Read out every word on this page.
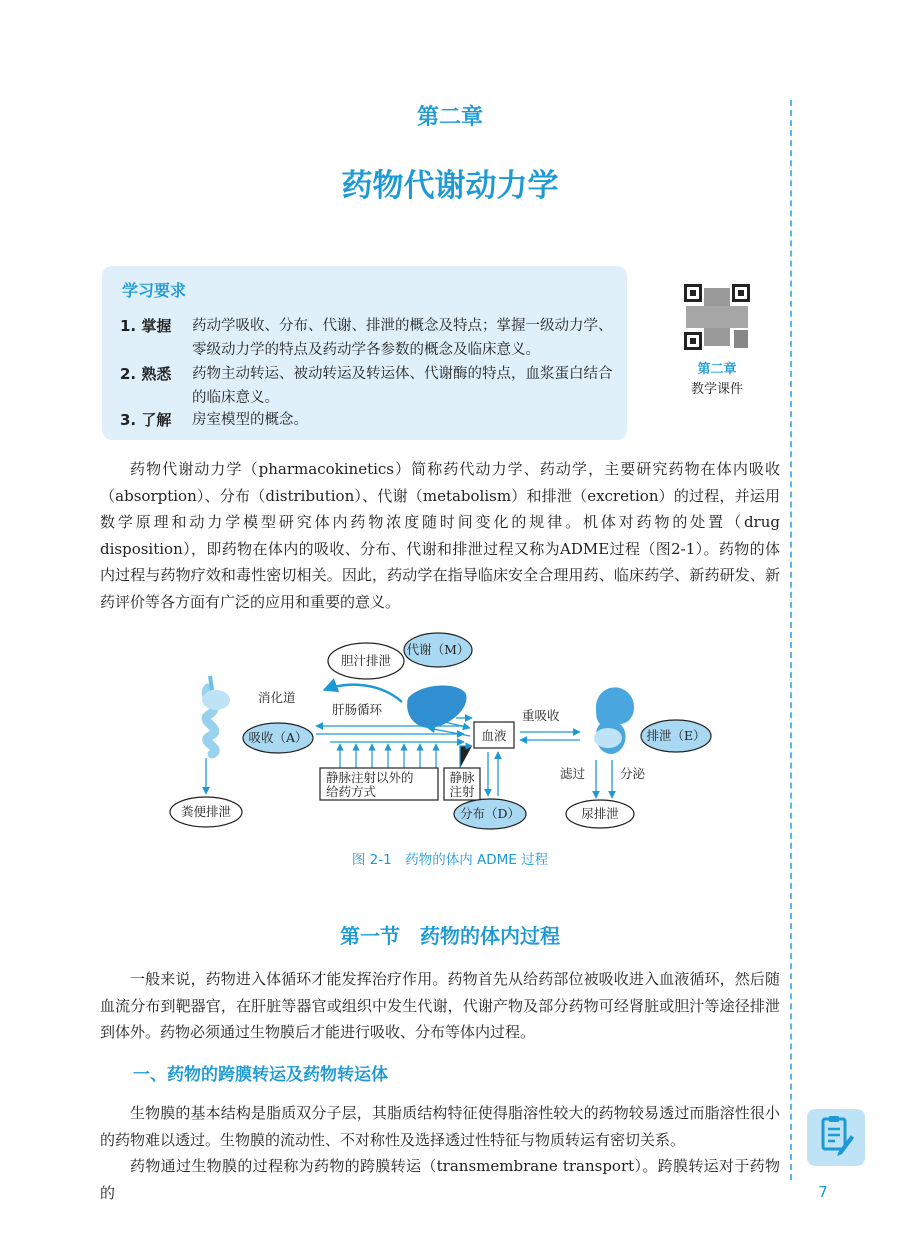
第二章
药物代谢动力学
学习要求
1. 掌握	药动学吸收、分布、代谢、排泄的概念及特点；掌握一级动力学、零级动力学的特点及药动学各参数的概念及临床意义。
2. 熟悉	药物主动转运、被动转运及转运体、代谢酶的特点，血浆蛋白结合的临床意义。
3. 了解	房室模型的概念。
第二章
教学课件
药物代谢动力学（pharmacokinetics）简称药代动力学、药动学，主要研究药物在体内吸收（absorption）、分布（distribution）、代谢（metabolism）和排泄（excretion）的过程，并运用数学原理和动力学模型研究体内药物浓度随时间变化的规律。机体对药物的处置（drug disposition），即药物在体内的吸收、分布、代谢和排泄过程又称为ADME过程（图2-1）。药物的体内过程与药物疗效和毒性密切相关。因此，药动学在指导临床安全合理用药、临床药学、新药研发、新药评价等各方面有广泛的应用和重要的意义。
胆汁排泄
代谢（M）
消化道
肝肠循环
吸收（A）	血液
重吸收
排泄（E）
静脉注射以外的
给药方式
静脉
注射
分布（D）
滤过	分泌
尿排泄
粪便排泄
图 2-1　药物的体内 ADME 过程
第一节　药物的体内过程
一般来说，药物进入体循环才能发挥治疗作用。药物首先从给药部位被吸收进入血液循环，然后随血流分布到靶器官，在肝脏等器官或组织中发生代谢，代谢产物及部分药物可经肾脏或胆汁等途径排泄到体外。药物必须通过生物膜后才能进行吸收、分布等体内过程。
一、药物的跨膜转运及药物转运体
生物膜的基本结构是脂质双分子层，其脂质结构特征使得脂溶性较大的药物较易透过而脂溶性很小的药物难以透过。生物膜的流动性、不对称性及选择透过性特征与物质转运有密切关系。
药物通过生物膜的过程称为药物的跨膜转运（transmembrane transport）。跨膜转运对于药物的	7
